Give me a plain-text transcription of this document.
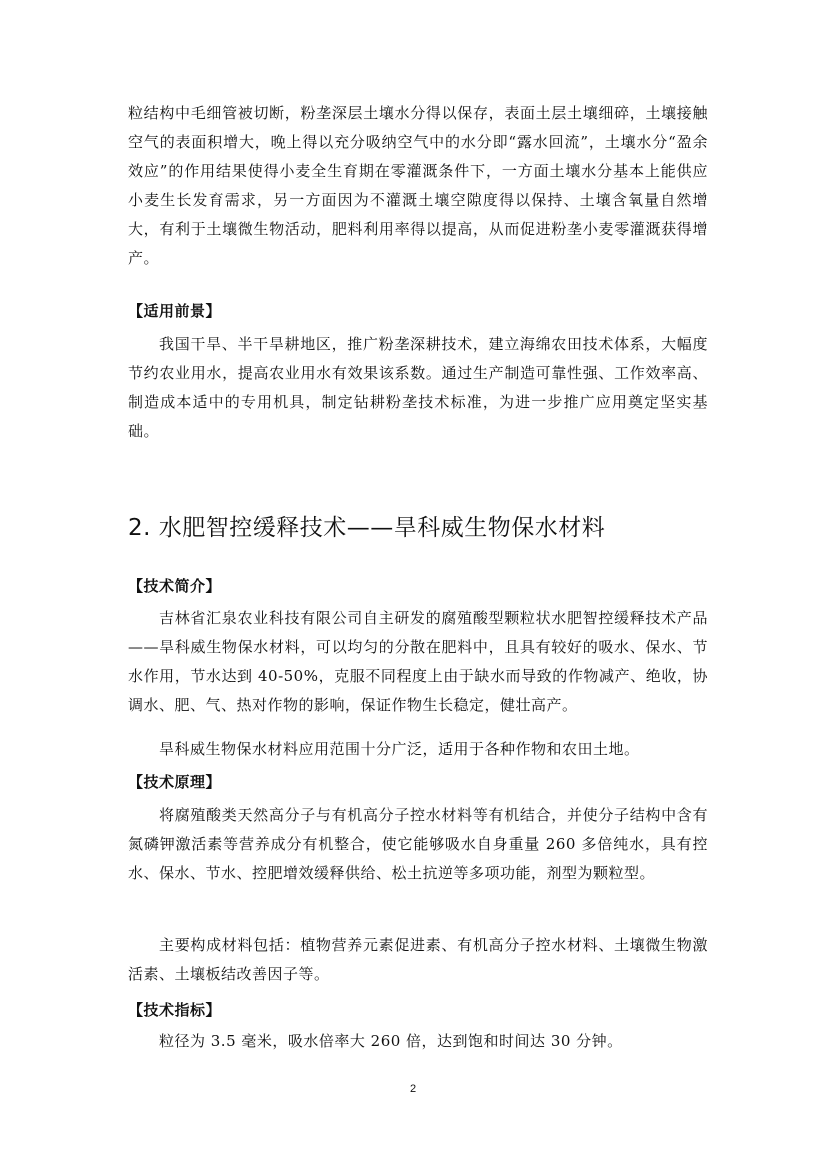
粒结构中毛细管被切断，粉垄深层土壤水分得以保存，表面土层土壤细碎，土壤接触空气的表面积增大，晚上得以充分吸纳空气中的水分即“露水回流”，土壤水分“盈余效应”的作用结果使得小麦全生育期在零灌溉条件下，一方面土壤水分基本上能供应小麦生长发育需求，另一方面因为不灌溉土壤空隙度得以保持、土壤含氧量自然增大，有利于土壤微生物活动，肥料利用率得以提高，从而促进粉垄小麦零灌溉获得增产。
【适用前景】
我国干旱、半干旱耕地区，推广粉垄深耕技术，建立海绵农田技术体系，大幅度节约农业用水，提高农业用水有效果该系数。通过生产制造可靠性强、工作效率高、制造成本适中的专用机具，制定钻耕粉垄技术标准，为进一步推广应用奠定坚实基础。
2. 水肥智控缓释技术——旱科威生物保水材料
【技术简介】
吉林省汇泉农业科技有限公司自主研发的腐殖酸型颗粒状水肥智控缓释技术产品——旱科威生物保水材料，可以均匀的分散在肥料中，且具有较好的吸水、保水、节水作用，节水达到 40-50%，克服不同程度上由于缺水而导致的作物减产、绝收，协调水、肥、气、热对作物的影响，保证作物生长稳定，健壮高产。
旱科威生物保水材料应用范围十分广泛，适用于各种作物和农田土地。
【技术原理】
将腐殖酸类天然高分子与有机高分子控水材料等有机结合，并使分子结构中含有氮磷钾激活素等营养成分有机整合，使它能够吸水自身重量 260 多倍纯水，具有控水、保水、节水、控肥增效缓释供给、松土抗逆等多项功能，剂型为颗粒型。
主要构成材料包括：植物营养元素促进素、有机高分子控水材料、土壤微生物激活素、土壤板结改善因子等。
【技术指标】
粒径为 3.5 毫米，吸水倍率大 260 倍，达到饱和时间达 30 分钟。
2
